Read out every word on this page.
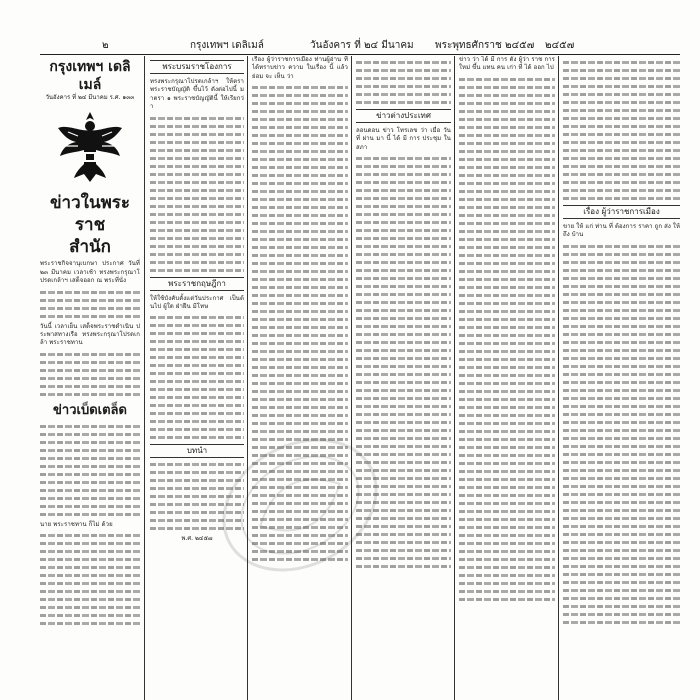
๒	กรุงเทพฯ เดลิเมล์	วันอังคาร ที่ ๒๔ มีนาคม พระพุทธศักราช ๒๔๕๗ ๒๔๕๗
กรุงเทพฯ เดลิเมล์
วันอังคาร ที่ ๒๔ มีนาคม ร.ศ. ๑๓๓
ข่าวในพระราช
สำนัก

พระราชกิจจานุเบกษา ประกาศ วันที่ ๒๓ มีนาคม เวลาเช้า ทรงพระกรุณาโปรดเกล้าฯ เสด็จออก ณ พระที่นั่ง

วันนี้ เวลาเย็น เสด็จพระราชดำเนิน ประพาสทางเรือ ทรงพระกรุณาโปรดเกล้า พระราชทาน

ข่าวเบ็ดเตล็ด

นาย พระราชทาน ก็ไม่ ด้วย

พระบรมราชโองการ

ทรงพระกรุณาโปรดเกล้าฯ ให้ตรา พระราชบัญญัติ ขึ้นไว้ ดังต่อไปนี้ มาตรา ๑ พระราชบัญญัตินี้ ให้เรียกว่า

พระราชกฤษฎีกา

ให้ใช้บังคับตั้งแต่วันประกาศ เป็นต้นไป ผู้ใด ฝ่าฝืน มีโทษ

บทนำ
พ.ศ. ๒๔๕๗

เรื่อง ผู้ว่าราชการเมือง ท่านผู้อ่าน ที่ได้ทราบข่าว ความ ในเรื่อง นี้ แล้ว ย่อม จะ เห็น ว่า

ข่าวต่างประเทศ

ลอนดอน ข่าว โทรเลข ว่า เมื่อ วัน ที่ ผ่าน มา นี้ ได้ มี การ ประชุม ใน สภา

ข่าว ว่า ได้ มี การ ตั้ง ผู้ว่า ราช การ ใหม่ ขึ้น แทน คน เก่า ที่ ได้ ออก ไป

เรื่อง ผู้ว่าราชการเมือง

ขาย ให้ แก่ ท่าน ที่ ต้องการ ราคา ถูก ส่ง ให้ ถึง บ้าน
